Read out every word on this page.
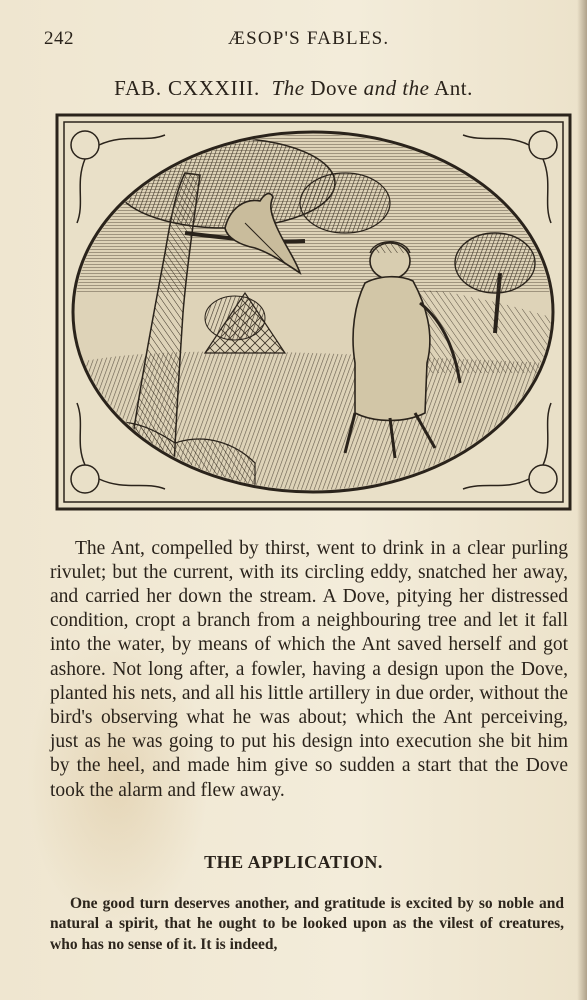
242	ÆSOP'S FABLES.
FAB. CXXXIII. The Dove and the Ant.

The Ant, compelled by thirst, went to drink in a clear purling rivulet; but the current, with its circling eddy, snatched her away, and carried her down the stream. A Dove, pitying her distressed condition, cropt a branch from a neighbouring tree and let it fall into the water, by means of which the Ant saved herself and got ashore. Not long after, a fowler, having a design upon the Dove, planted his nets, and all his little artillery in due order, without the bird's observing what he was about; which the Ant perceiving, just as he was going to put his design into execution she bit him by the heel, and made him give so sudden a start that the Dove took the alarm and flew away.

THE APPLICATION.

One good turn deserves another, and gratitude is excited by so noble and natural a spirit, that he ought to be looked upon as the vilest of creatures, who has no sense of it. It is indeed,
